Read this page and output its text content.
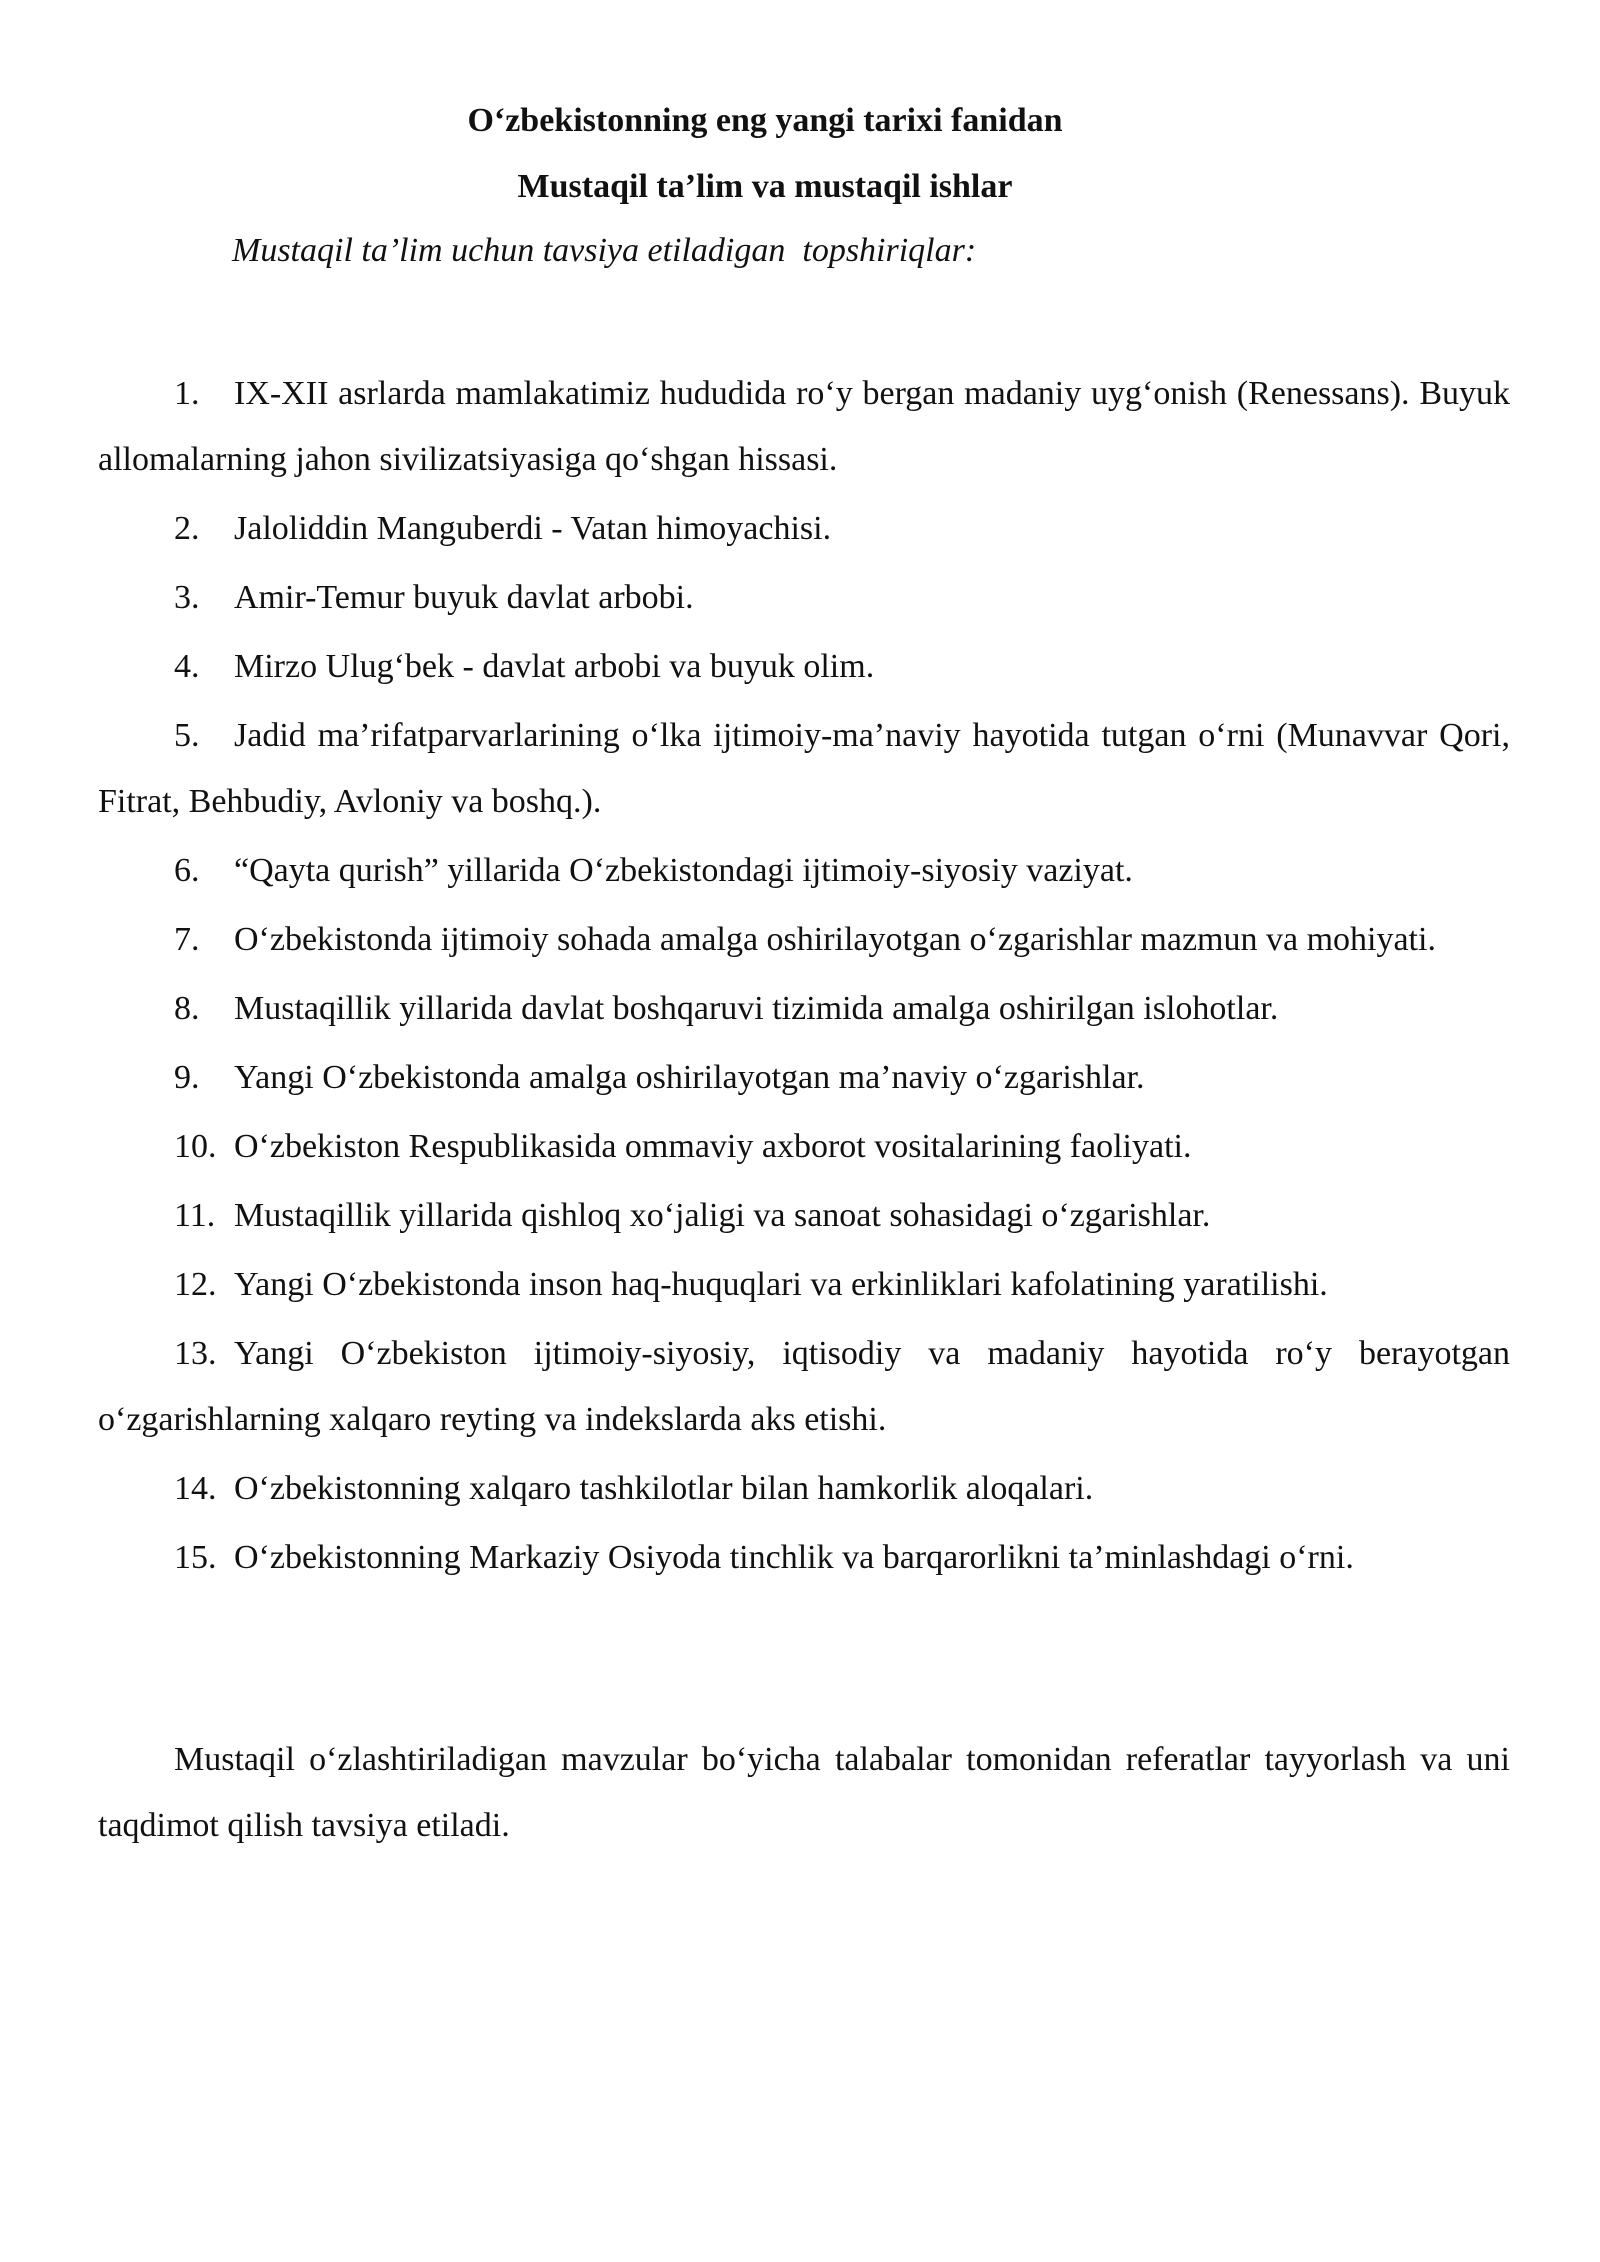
O‘zbekistonning eng yangi tarixi fanidan
Mustaqil ta’lim va mustaqil ishlar
Mustaqil ta’lim uchun tavsiya etiladigan  topshiriqlar:
1. IX-XII asrlarda mamlakatimiz hududida ro‘y bergan madaniy uyg‘onish (Renessans). Buyuk allomalarning jahon sivilizatsiyasiga qo‘shgan hissasi.
2. Jaloliddin Manguberdi - Vatan himoyachisi.
3. Amir-Temur buyuk davlat arbobi.
4. Mirzo Ulug‘bek - davlat arbobi va buyuk olim.
5. Jadid ma’rifatparvarlarining o‘lka ijtimoiy-ma’naviy hayotida tutgan o‘rni (Munavvar Qori, Fitrat, Behbudiy, Avloniy va boshq.).
6. “Qayta qurish” yillarida O‘zbekistondagi ijtimoiy-siyosiy vaziyat.
7. O‘zbekistonda ijtimoiy sohada amalga oshirilayotgan o‘zgarishlar mazmun va mohiyati.
8. Mustaqillik yillarida davlat boshqaruvi tizimida amalga oshirilgan islohotlar.
9. Yangi O‘zbekistonda amalga oshirilayotgan ma’naviy o‘zgarishlar.
10. O‘zbekiston Respublikasida ommaviy axborot vositalarining faoliyati.
11. Mustaqillik yillarida qishloq xo‘jaligi va sanoat sohasidagi o‘zgarishlar.
12. Yangi O‘zbekistonda inson haq-huquqlari va erkinliklari kafolatining yaratilishi.
13. Yangi O‘zbekiston ijtimoiy-siyosiy, iqtisodiy va madaniy hayotida ro‘y berayotgan o‘zgarishlarning xalqaro reyting va indekslarda aks etishi.
14. O‘zbekistonning xalqaro tashkilotlar bilan hamkorlik aloqalari.
15. O‘zbekistonning Markaziy Osiyoda tinchlik va barqarorlikni ta’minlashdagi o‘rni.

Mustaqil o‘zlashtiriladigan mavzular bo‘yicha talabalar tomonidan referatlar tayyorlash va uni taqdimot qilish tavsiya etiladi.
